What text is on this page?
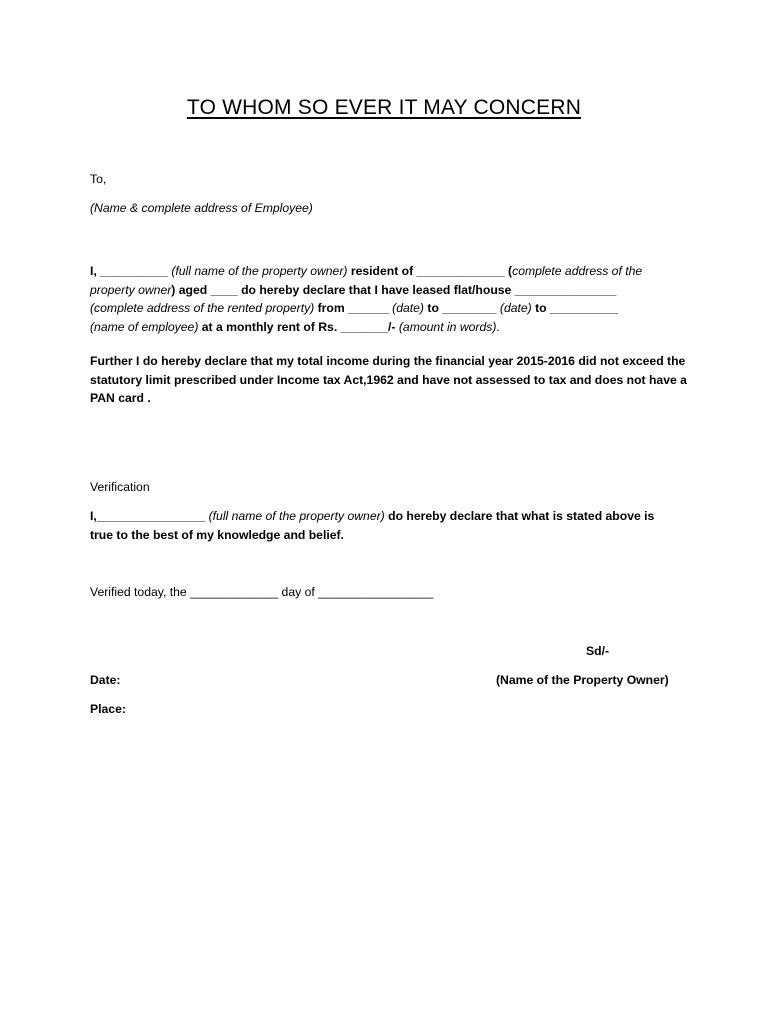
TO WHOM SO EVER IT MAY CONCERN
To,
(Name & complete address of Employee)
I, __________ (full name of the property owner) resident of _____________ (complete address of the
property owner) aged ____ do hereby declare that I have leased flat/house _______________
(complete address of the rented property) from ______ (date) to ________ (date) to __________
(name of employee) at a monthly rent of Rs. _______/- (amount in words).
Further I do hereby declare that my total income during the financial year 2015-2016 did not exceed the
statutory limit prescribed under Income tax Act,1962 and have not assessed to tax and does not have a
PAN card .
Verification
I,________________ (full name of the property owner) do hereby declare that what is stated above is
true to the best of my knowledge and belief.
Verified today, the _____________ day of _________________
Sd/-
(Name of the Property Owner)
Date:
Place:
